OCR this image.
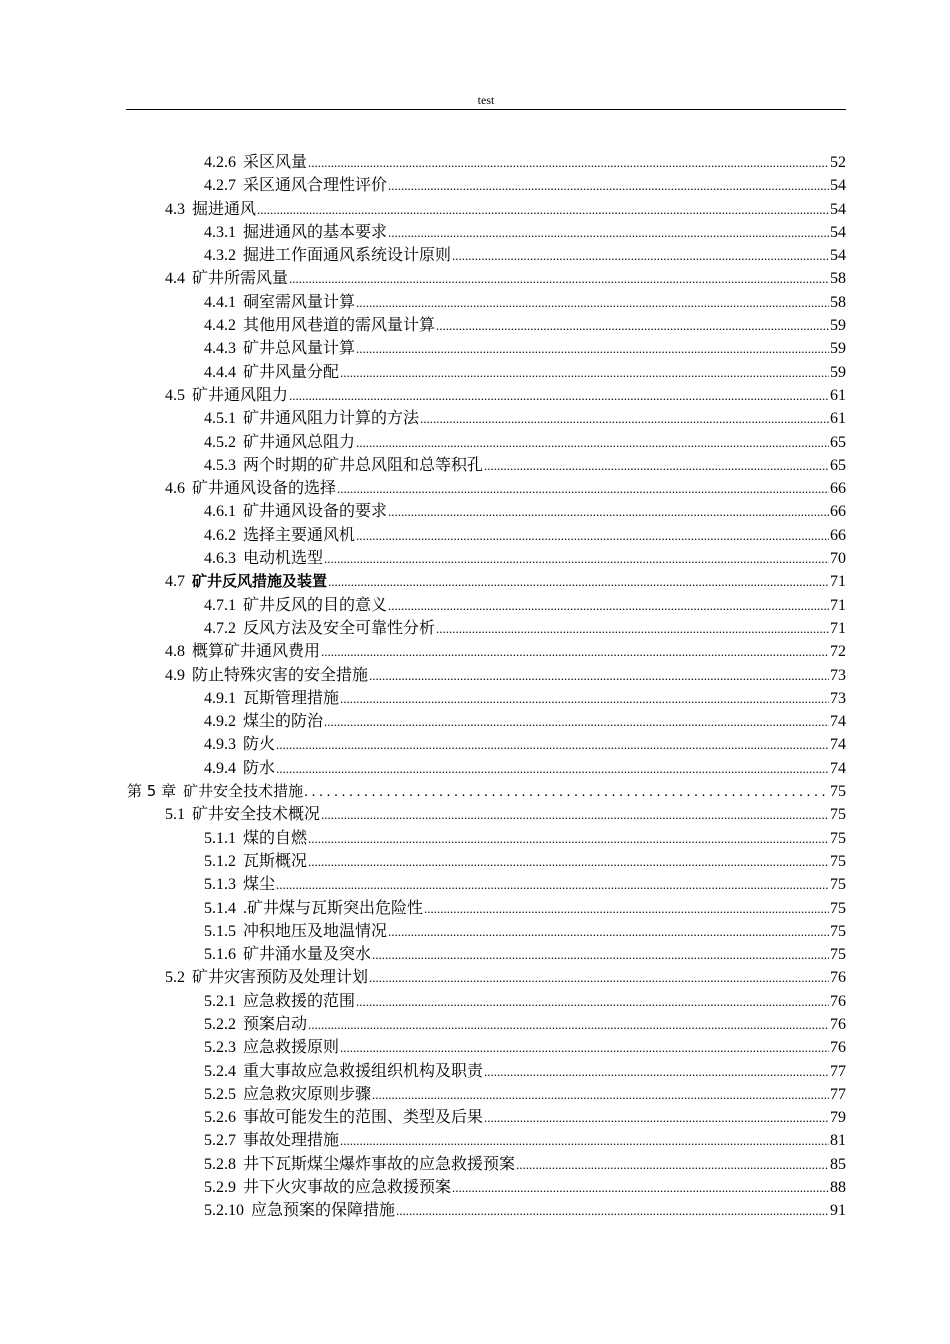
test
4.2.6 采区风量 .....	52
4.2.7 采区通风合理性评价 .....	54
4.3 掘进通风 .....	54
4.3.1 掘进通风的基本要求 .....	54
4.3.2 掘进工作面通风系统设计原则 .....	54
4.4 矿井所需风量 .....	58
4.4.1 硐室需风量计算 .....	58
4.4.2 其他用风巷道的需风量计算 .....	59
4.4.3 矿井总风量计算 .....	59
4.4.4 矿井风量分配 .....	59
4.5 矿井通风阻力 .....	61
4.5.1 矿井通风阻力计算的方法 .....	61
4.5.2 矿井通风总阻力 .....	65
4.5.3 两个时期的矿井总风阻和总等积孔 .....	65
4.6 矿井通风设备的选择 .....	66
4.6.1 矿井通风设备的要求 .....	66
4.6.2 选择主要通风机 .....	66
4.6.3 电动机选型 .....	70
4.7 矿井反风措施及装置 .....	71
4.7.1 矿井反风的目的意义 .....	71
4.7.2 反风方法及安全可靠性分析 .....	71
4.8 概算矿井通风费用 .....	72
4.9 防止特殊灾害的安全措施 .....	73
4.9.1 瓦斯管理措施 .....	73
4.9.2 煤尘的防治 .....	74
4.9.3 防火 .....	74
4.9.4 防水 .....	74
第 5 章 矿井安全技术措施 . . .	75
5.1 矿井安全技术概况 .....	75
5.1.1 煤的自燃 .....	75
5.1.2 瓦斯概况 .....	75
5.1.3 煤尘 .....	75
5.1.4 .矿井煤与瓦斯突出危险性 .....	75
5.1.5 冲积地压及地温情况 .....	75
5.1.6 矿井涌水量及突水 .....	75
5.2 矿井灾害预防及处理计划 .....	76
5.2.1 应急救援的范围 .....	76
5.2.2 预案启动 .....	76
5.2.3 应急救援原则 .....	76
5.2.4 重大事故应急救援组织机构及职责 .....	77
5.2.5 应急救灾原则步骤 .....	77
5.2.6 事故可能发生的范围、类型及后果 .....	79
5.2.7 事故处理措施 .....	81
5.2.8 井下瓦斯煤尘爆炸事故的应急救援预案 .....	85
5.2.9 井下火灾事故的应急救援预案 .....	88
5.2.10 应急预案的保障措施 .....	91
